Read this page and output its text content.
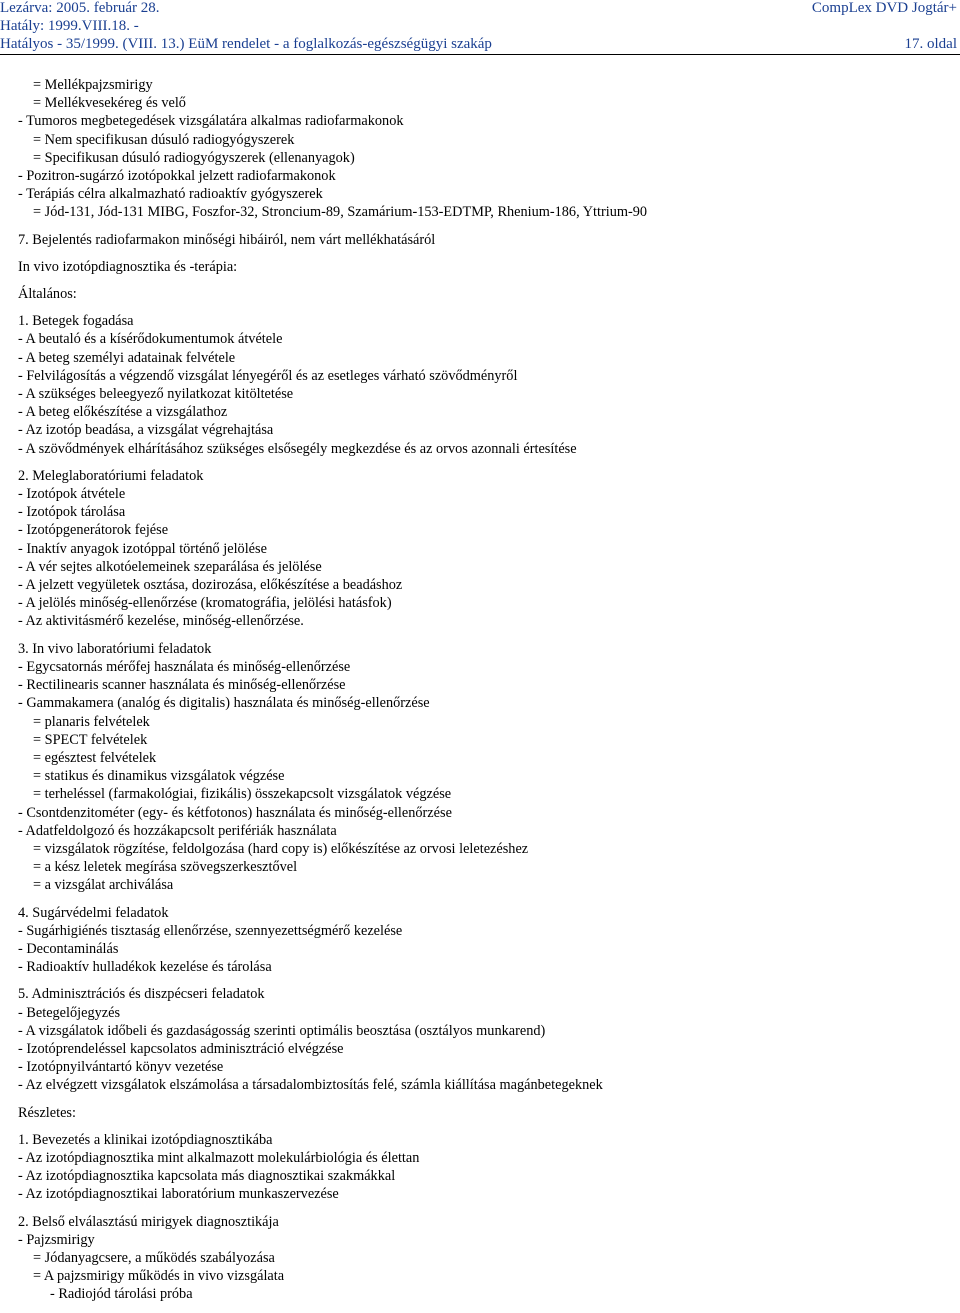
Lezárva: 2005. február 28.
Hatály: 1999.VIII.18. -
Hatályos - 35/1999. (VIII. 13.) EüM rendelet - a foglalkozás-egészségügyi szakáp
CompLex DVD Jogtár+

17. oldal
= Mellékpajzsmirigy
= Mellékvesekéreg és velő
- Tumoros megbetegedések vizsgálatára alkalmas radiofarmakonok
= Nem specifikusan dúsuló radiogyógyszerek
= Specifikusan dúsuló radiogyógyszerek (ellenanyagok)
- Pozitron-sugárzó izotópokkal jelzett radiofarmakonok
- Terápiás célra alkalmazható radioaktív gyógyszerek
= Jód-131, Jód-131 MIBG, Foszfor-32, Stroncium-89, Szamárium-153-EDTMP, Rhenium-186, Yttrium-90
7. Bejelentés radiofarmakon minőségi hibáiról, nem várt mellékhatásáról
In vivo izotópdiagnosztika és -terápia:
Általános:
1. Betegek fogadása
- A beutaló és a kísérődokumentumok átvétele
- A beteg személyi adatainak felvétele
- Felvilágosítás a végzendő vizsgálat lényegéről és az esetleges várható szövődményről
- A szükséges beleegyező nyilatkozat kitöltetése
- A beteg előkészítése a vizsgálathoz
- Az izotóp beadása, a vizsgálat végrehajtása
- A szövődmények elhárításához szükséges elsősegély megkezdése és az orvos azonnali értesítése
2. Meleglaboratóriumi feladatok
- Izotópok átvétele
- Izotópok tárolása
- Izotópgenerátorok fejése
- Inaktív anyagok izotóppal történő jelölése
- A vér sejtes alkotóelemeinek szeparálása és jelölése
- A jelzett vegyületek osztása, dozirozása, előkészítése a beadáshoz
- A jelölés minőség-ellenőrzése (kromatográfia, jelölési hatásfok)
- Az aktivitásmérő kezelése, minőség-ellenőrzése.
3. In vivo laboratóriumi feladatok
- Egycsatornás mérőfej használata és minőség-ellenőrzése
- Rectilinearis scanner használata és minőség-ellenőrzése
- Gammakamera (analóg és digitalis) használata és minőség-ellenőrzése
= planaris felvételek
= SPECT felvételek
= egésztest felvételek
= statikus és dinamikus vizsgálatok végzése
= terheléssel (farmakológiai, fizikális) összekapcsolt vizsgálatok végzése
- Csontdenzitométer (egy- és kétfotonos) használata és minőség-ellenőrzése
- Adatfeldolgozó és hozzákapcsolt perifériák használata
= vizsgálatok rögzítése, feldolgozása (hard copy is) előkészítése az orvosi leletezéshez
= a kész leletek megírása szövegszerkesztővel
= a vizsgálat archiválása
4. Sugárvédelmi feladatok
- Sugárhigiénés tisztaság ellenőrzése, szennyezettségmérő kezelése
- Decontaminálás
- Radioaktív hulladékok kezelése és tárolása
5. Adminisztrációs és diszpécseri feladatok
- Betegelőjegyzés
- A vizsgálatok időbeli és gazdaságosság szerinti optimális beosztása (osztályos munkarend)
- Izotóprendeléssel kapcsolatos adminisztráció elvégzése
- Izotópnyilvántartó könyv vezetése
- Az elvégzett vizsgálatok elszámolása a társadalombiztosítás felé, számla kiállítása magánbetegeknek
Részletes:
1. Bevezetés a klinikai izotópdiagnosztikába
- Az izotópdiagnosztika mint alkalmazott molekulárbiológia és élettan
- Az izotópdiagnosztika kapcsolata más diagnosztikai szakmákkal
- Az izotópdiagnosztikai laboratórium munkaszervezése
2. Belső elválasztású mirigyek diagnosztikája
- Pajzsmirigy
= Jódanyagcsere, a működés szabályozása
= A pajzsmirigy működés in vivo vizsgálata
- Radiojód tárolási próba
